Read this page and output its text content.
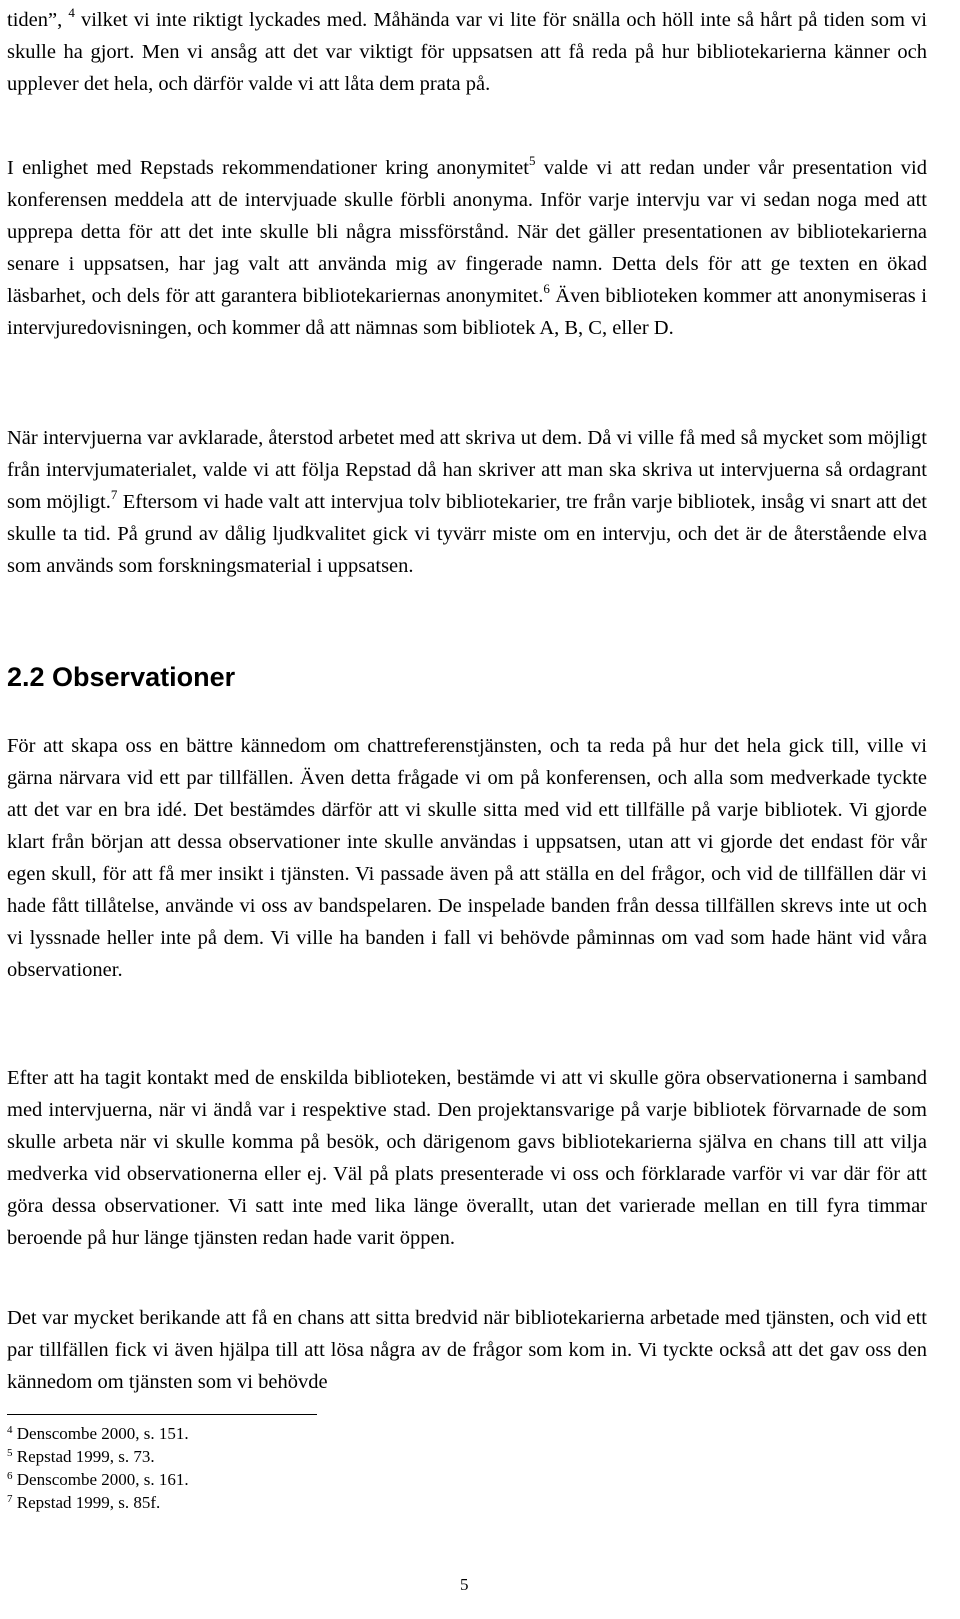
tiden”, $^4$ vilket vi inte riktigt lyckades med. Måhända var vi lite för snälla och höll inte så hårt på tiden som vi skulle ha gjort. Men vi ansåg att det var viktigt för uppsatsen att få reda på hur bibliotekarierna känner och upplever det hela, och därför valde vi att låta dem prata på.

I enlighet med Repstads rekommendationer kring anonymitet$^5$ valde vi att redan under vår presentation vid konferensen meddela att de intervjuade skulle förbli anonyma. Inför varje intervju var vi sedan noga med att upprepa detta för att det inte skulle bli några missförstånd. När det gäller presentationen av bibliotekarierna senare i uppsatsen, har jag valt att använda mig av fingerade namn. Detta dels för att ge texten en ökad läsbarhet, och dels för att garantera bibliotekariernas anonymitet.$^6$ Även biblioteken kommer att anonymiseras i intervjuredovisningen, och kommer då att nämnas som bibliotek A, B, C, eller D.

När intervjuerna var avklarade, återstod arbetet med att skriva ut dem. Då vi ville få med så mycket som möjligt från intervjumaterialet, valde vi att följa Repstad då han skriver att man ska skriva ut intervjuerna så ordagrant som möjligt.$^7$ Eftersom vi hade valt att intervjua tolv bibliotekarier, tre från varje bibliotek, insåg vi snart att det skulle ta tid. På grund av dålig ljudkvalitet gick vi tyvärr miste om en intervju, och det är de återstående elva som används som forskningsmaterial i uppsatsen.

2.2 Observationer

För att skapa oss en bättre kännedom om chattreferenstjänsten, och ta reda på hur det hela gick till, ville vi gärna närvara vid ett par tillfällen. Även detta frågade vi om på konferensen, och alla som medverkade tyckte att det var en bra idé. Det bestämdes därför att vi skulle sitta med vid ett tillfälle på varje bibliotek. Vi gjorde klart från början att dessa observationer inte skulle användas i uppsatsen, utan att vi gjorde det endast för vår egen skull, för att få mer insikt i tjänsten. Vi passade även på att ställa en del frågor, och vid de tillfällen där vi hade fått tillåtelse, använde vi oss av bandspelaren. De inspelade banden från dessa tillfällen skrevs inte ut och vi lyssnade heller inte på dem. Vi ville ha banden i fall vi behövde påminnas om vad som hade hänt vid våra observationer.

Efter att ha tagit kontakt med de enskilda biblioteken, bestämde vi att vi skulle göra observationerna i samband med intervjuerna, när vi ändå var i respektive stad. Den projektansvarige på varje bibliotek förvarnade de som skulle arbeta när vi skulle komma på besök, och därigenom gavs bibliotekarierna själva en chans till att vilja medverka vid observationerna eller ej. Väl på plats presenterade vi oss och förklarade varför vi var där för att göra dessa observationer. Vi satt inte med lika länge överallt, utan det varierade mellan en till fyra timmar beroende på hur länge tjänsten redan hade varit öppen.

Det var mycket berikande att få en chans att sitta bredvid när bibliotekarierna arbetade med tjänsten, och vid ett par tillfällen fick vi även hjälpa till att lösa några av de frågor som kom in. Vi tyckte också att det gav oss den kännedom om tjänsten som vi behövde

$^4$ Denscombe 2000, s. 151.
$^5$ Repstad 1999, s. 73.
$^6$ Denscombe 2000, s. 161.
$^7$ Repstad 1999, s. 85f.
5
